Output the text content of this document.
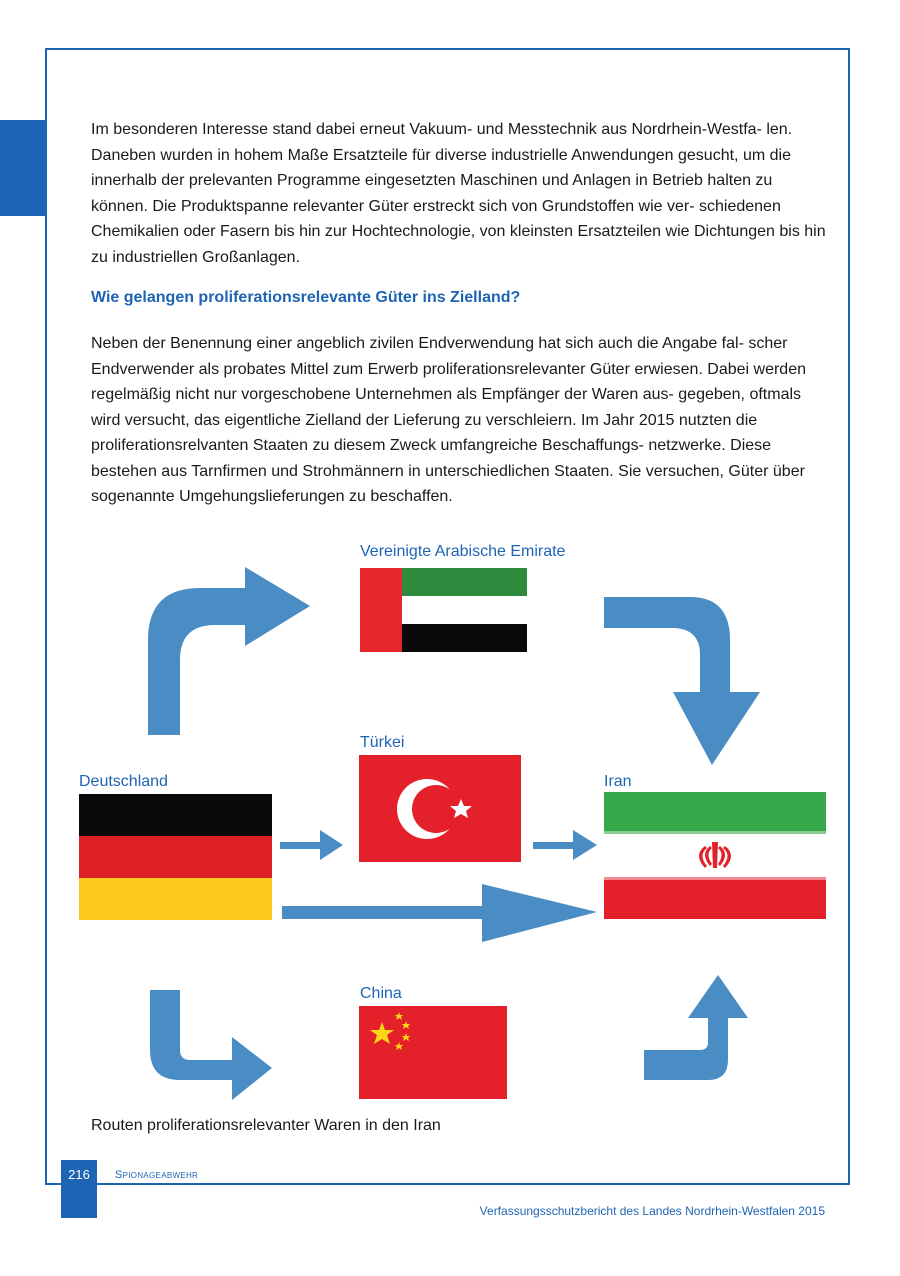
Im besonderen Interesse stand dabei erneut Vakuum- und Messtechnik aus Nordrhein-Westfa- len. Daneben wurden in hohem Maße Ersatzteile für diverse industrielle Anwendungen gesucht, um die innerhalb der prelevanten Programme eingesetzten Maschinen und Anlagen in Betrieb halten zu können. Die Produktspanne relevanter Güter erstreckt sich von Grundstoffen wie ver- schiedenen Chemikalien oder Fasern bis hin zur Hochtechnologie, von kleinsten Ersatzteilen wie Dichtungen bis hin zu industriellen Großanlagen.

Wie gelangen proliferationsrelevante Güter ins Zielland?

Neben der Benennung einer angeblich zivilen Endverwendung hat sich auch die Angabe fal- scher Endverwender als probates Mittel zum Erwerb proliferationsrelevanter Güter erwiesen. Dabei werden regelmäßig nicht nur vorgeschobene Unternehmen als Empfänger der Waren aus- gegeben, oftmals wird versucht, das eigentliche Zielland der Lieferung zu verschleiern. Im Jahr 2015 nutzten die proliferationsrelvanten Staaten zu diesem Zweck umfangreiche Beschaffungs- netzwerke. Diese bestehen aus Tarnfirmen und Strohmännern in unterschiedlichen Staaten. Sie versuchen, Güter über sogenannte Umgehungslieferungen zu beschaffen.

Vereinigte Arabische Emirate
Türkei
Deutschland	Iran
China

Routen proliferationsrelevanter Waren in den Iran

216	Spionageabwehr
Verfassungsschutzbericht des Landes Nordrhein-Westfalen 2015
